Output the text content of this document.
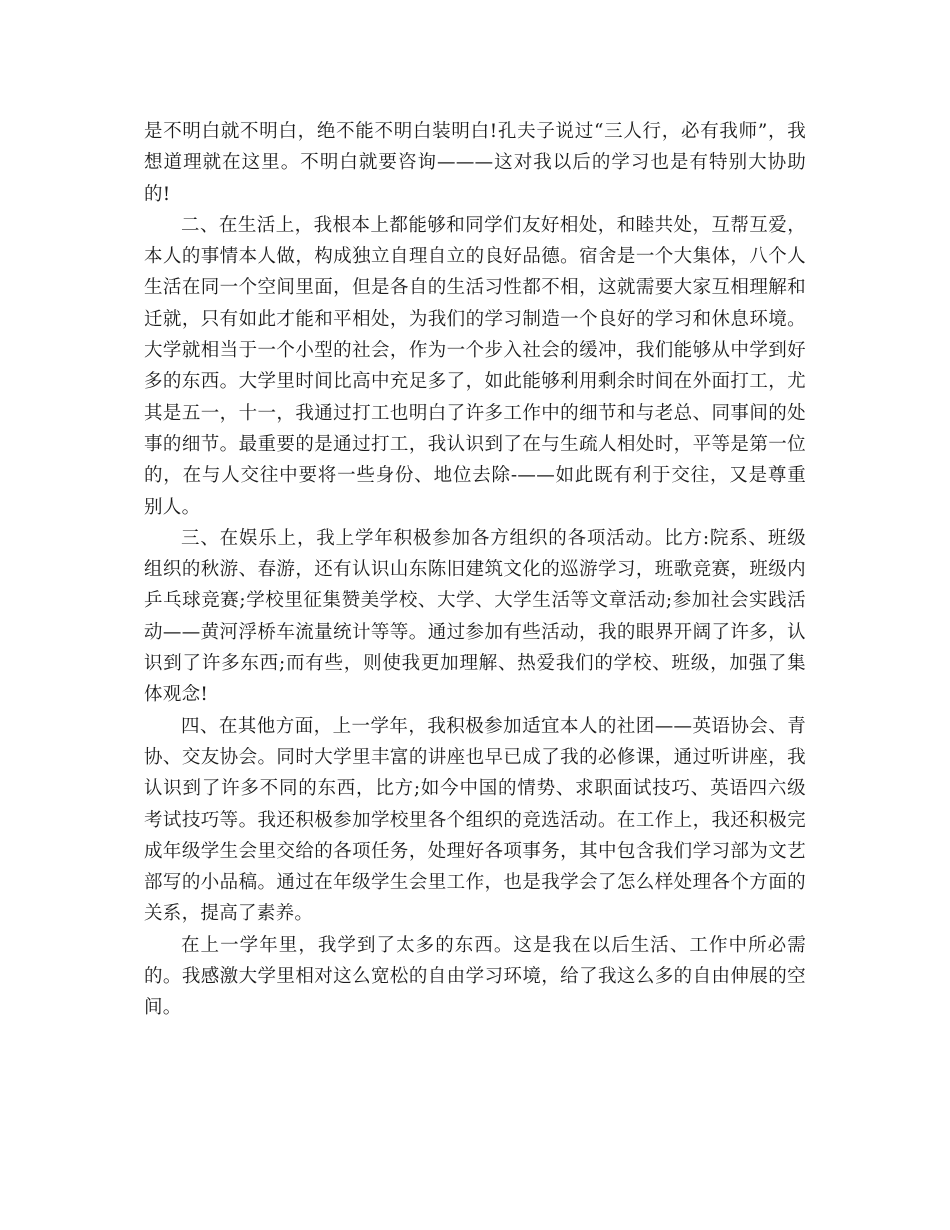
是不明白就不明白，绝不能不明白装明白!孔夫子说过“三人行，必有我师”，我想道理就在这里。不明白就要咨询———这对我以后的学习也是有特别大协助的!

二、在生活上，我根本上都能够和同学们友好相处，和睦共处，互帮互爱，本人的事情本人做，构成独立自理自立的良好品德。宿舍是一个大集体，八个人生活在同一个空间里面，但是各自的生活习性都不相，这就需要大家互相理解和迁就，只有如此才能和平相处，为我们的学习制造一个良好的学习和休息环境。大学就相当于一个小型的社会，作为一个步入社会的缓冲，我们能够从中学到好多的东西。大学里时间比高中充足多了，如此能够利用剩余时间在外面打工，尤其是五一，十一，我通过打工也明白了许多工作中的细节和与老总、同事间的处事的细节。最重要的是通过打工，我认识到了在与生疏人相处时，平等是第一位的，在与人交往中要将一些身份、地位去除-——如此既有利于交往，又是尊重别人。

三、在娱乐上，我上学年积极参加各方组织的各项活动。比方:院系、班级组织的秋游、春游，还有认识山东陈旧建筑文化的巡游学习，班歌竞赛，班级内乒乓球竞赛;学校里征集赞美学校、大学、大学生活等文章活动;参加社会实践活动——黄河浮桥车流量统计等等。通过参加有些活动，我的眼界开阔了许多，认识到了许多东西;而有些，则使我更加理解、热爱我们的学校、班级，加强了集体观念!

四、在其他方面，上一学年，我积极参加适宜本人的社团——英语协会、青协、交友协会。同时大学里丰富的讲座也早已成了我的必修课，通过听讲座，我认识到了许多不同的东西，比方;如今中国的情势、求职面试技巧、英语四六级考试技巧等。我还积极参加学校里各个组织的竞选活动。在工作上，我还积极完成年级学生会里交给的各项任务，处理好各项事务，其中包含我们学习部为文艺部写的小品稿。通过在年级学生会里工作，也是我学会了怎么样处理各个方面的关系，提高了素养。

在上一学年里，我学到了太多的东西。这是我在以后生活、工作中所必需的。我感激大学里相对这么宽松的自由学习环境，给了我这么多的自由伸展的空间。
